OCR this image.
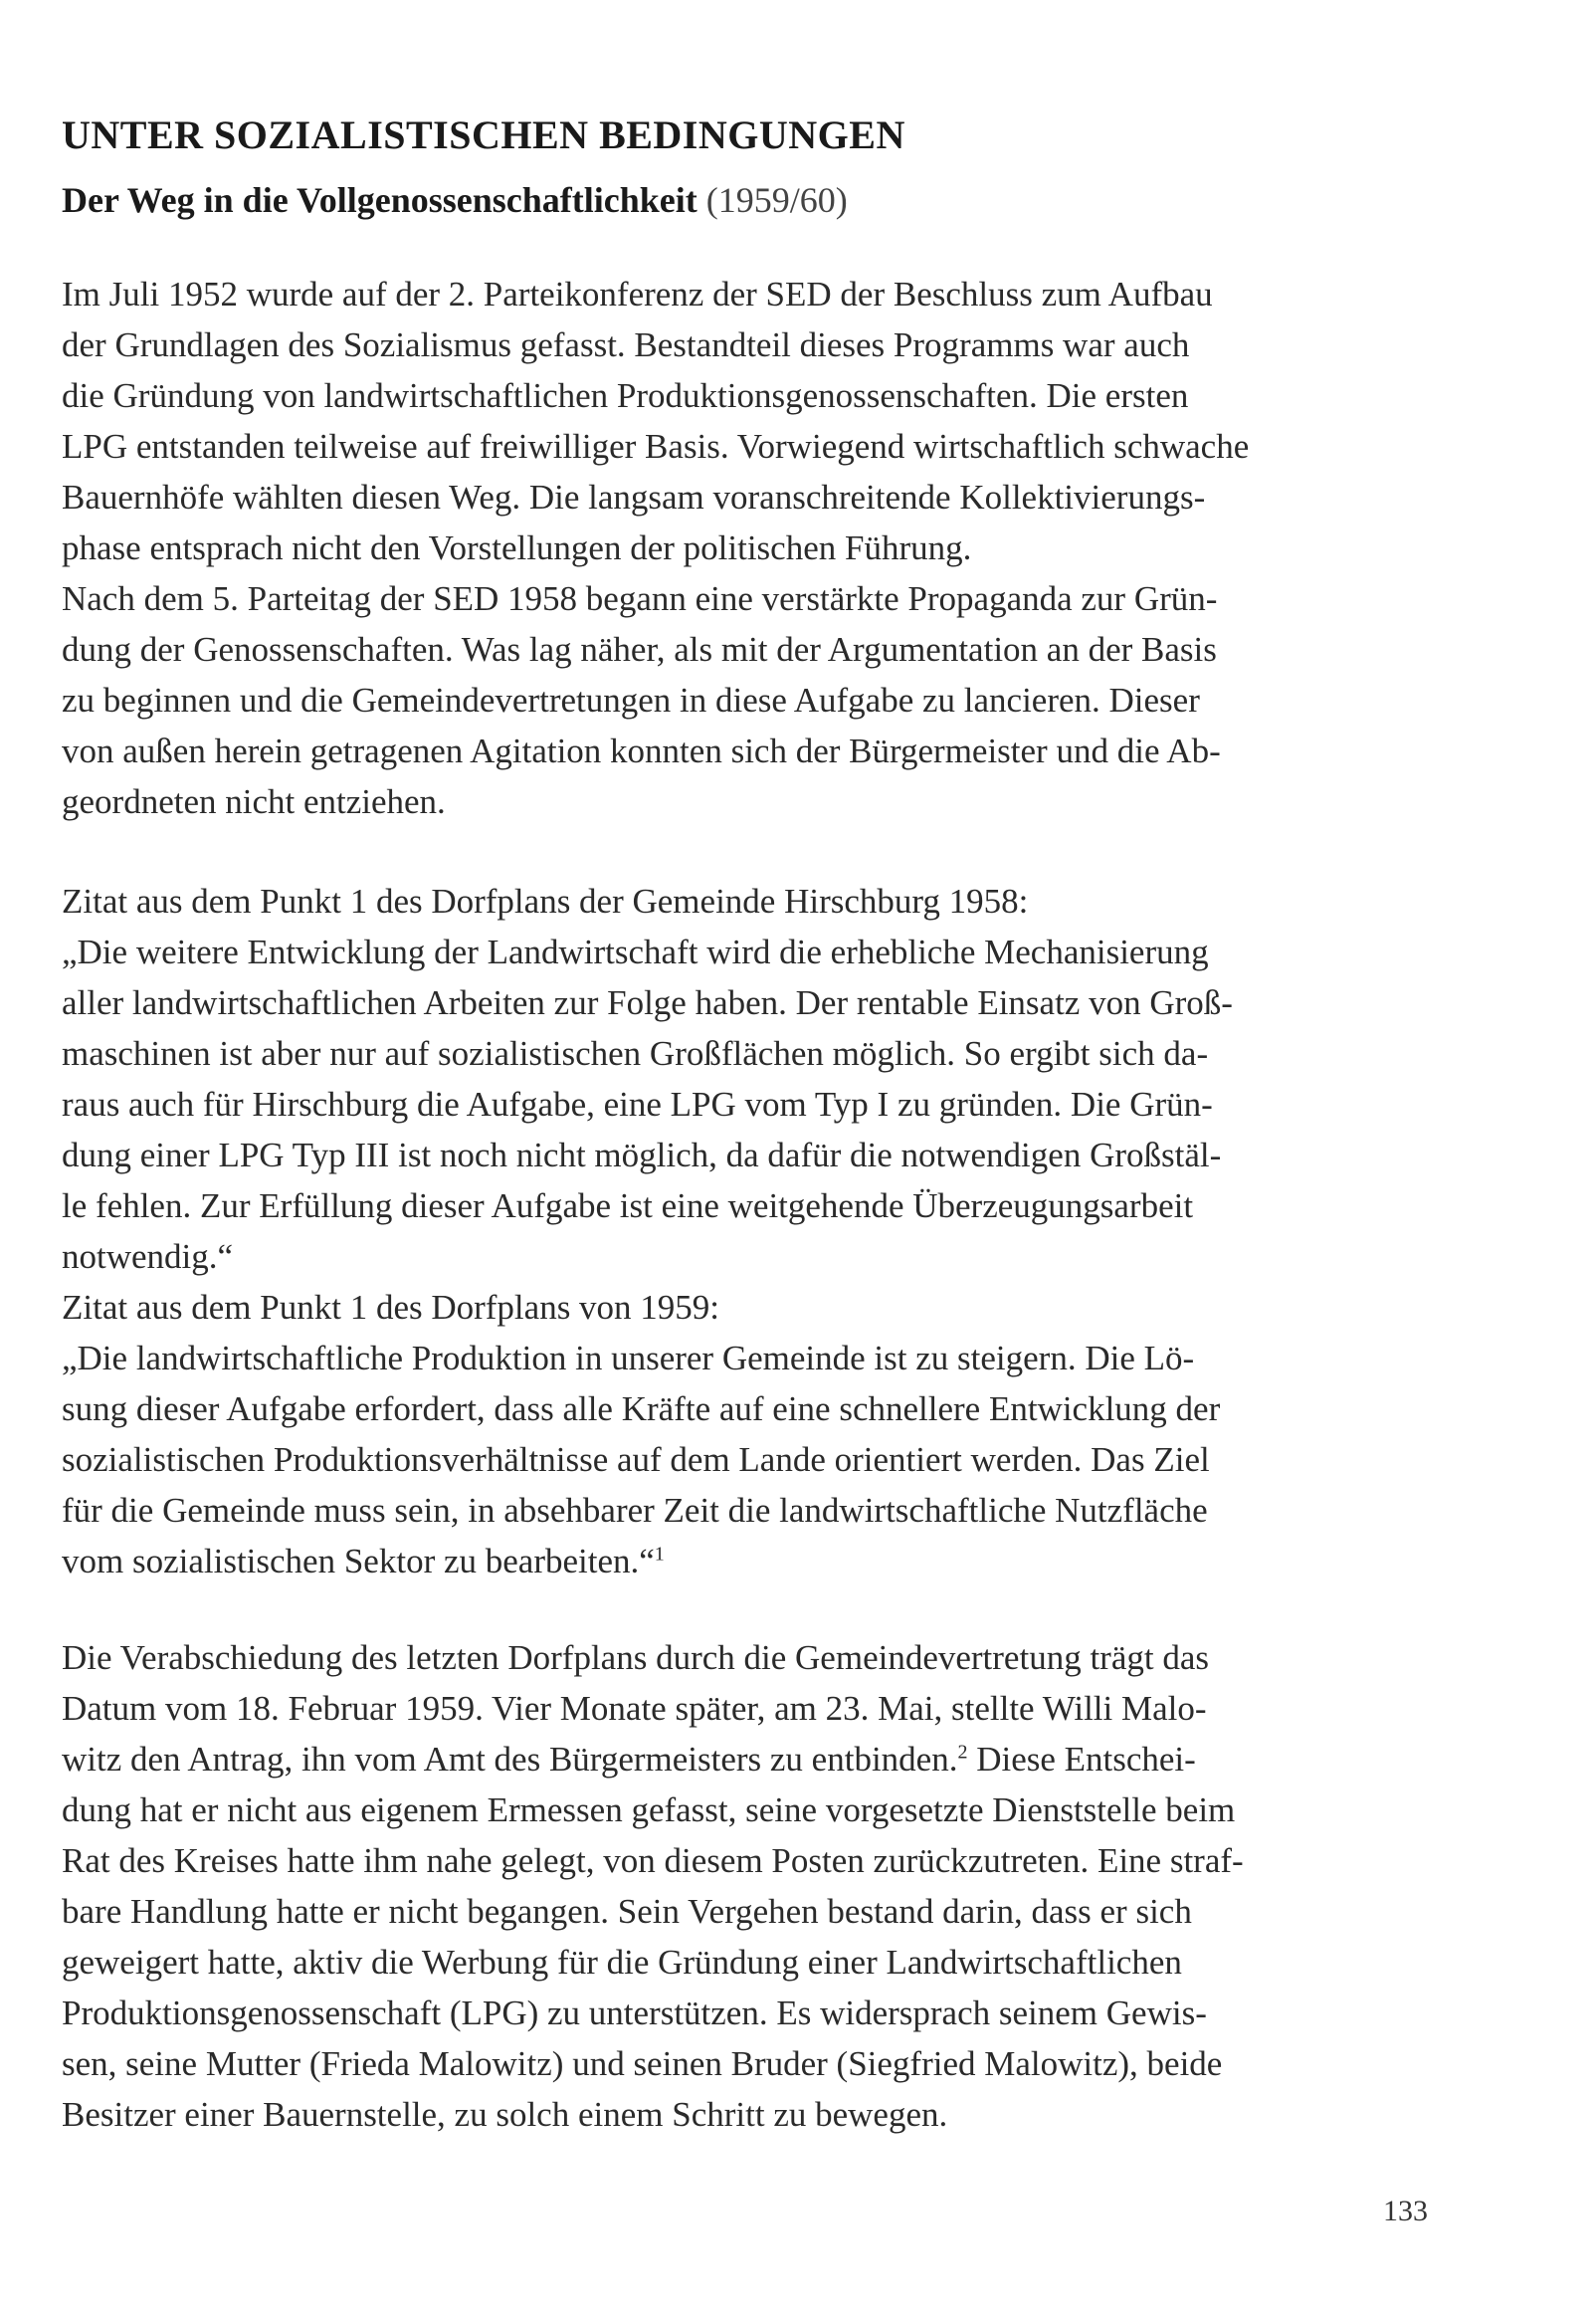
UNTER SOZIALISTISCHEN BEDINGUNGEN
Der Weg in die Vollgenossenschaftlichkeit (1959/60)
Im Juli 1952 wurde auf der 2. Parteikonferenz der SED der Beschluss zum Aufbau
der Grundlagen des Sozialismus gefasst. Bestandteil dieses Programms war auch
die Gründung von landwirtschaftlichen Produktionsgenossenschaften. Die ersten
LPG entstanden teilweise auf freiwilliger Basis. Vorwiegend wirtschaftlich schwache
Bauernhöfe wählten diesen Weg. Die langsam voranschreitende Kollektivierungs-
phase entsprach nicht den Vorstellungen der politischen Führung.
Nach dem 5. Parteitag der SED 1958 begann eine verstärkte Propaganda zur Grün-
dung der Genossenschaften. Was lag näher, als mit der Argumentation an der Basis
zu beginnen und die Gemeindevertretungen in diese Aufgabe zu lancieren. Dieser
von außen herein getragenen Agitation konnten sich der Bürgermeister und die Ab-
geordneten nicht entziehen.
Zitat aus dem Punkt 1 des Dorfplans der Gemeinde Hirschburg 1958:
„Die weitere Entwicklung der Landwirtschaft wird die erhebliche Mechanisierung
aller landwirtschaftlichen Arbeiten zur Folge haben. Der rentable Einsatz von Groß-
maschinen ist aber nur auf sozialistischen Großflächen möglich. So ergibt sich da-
raus auch für Hirschburg die Aufgabe, eine LPG vom Typ I zu gründen. Die Grün-
dung einer LPG Typ III ist noch nicht möglich, da dafür die notwendigen Großstäl-
le fehlen. Zur Erfüllung dieser Aufgabe ist eine weitgehende Überzeugungsarbeit
notwendig.“
Zitat aus dem Punkt 1 des Dorfplans von 1959:
„Die landwirtschaftliche Produktion in unserer Gemeinde ist zu steigern. Die Lö-
sung dieser Aufgabe erfordert, dass alle Kräfte auf eine schnellere Entwicklung der
sozialistischen Produktionsverhältnisse auf dem Lande orientiert werden. Das Ziel
für die Gemeinde muss sein, in absehbarer Zeit die landwirtschaftliche Nutzfläche
vom sozialistischen Sektor zu bearbeiten.“$^1$
Die Verabschiedung des letzten Dorfplans durch die Gemeindevertretung trägt das
Datum vom 18. Februar 1959. Vier Monate später, am 23. Mai, stellte Willi Malo-
witz den Antrag, ihn vom Amt des Bürgermeisters zu entbinden.$^2$ Diese Entschei-
dung hat er nicht aus eigenem Ermessen gefasst, seine vorgesetzte Dienststelle beim
Rat des Kreises hatte ihm nahe gelegt, von diesem Posten zurückzutreten. Eine straf-
bare Handlung hatte er nicht begangen. Sein Vergehen bestand darin, dass er sich
geweigert hatte, aktiv die Werbung für die Gründung einer Landwirtschaftlichen
Produktionsgenossenschaft (LPG) zu unterstützen. Es widersprach seinem Gewis-
sen, seine Mutter (Frieda Malowitz) und seinen Bruder (Siegfried Malowitz), beide
Besitzer einer Bauernstelle, zu solch einem Schritt zu bewegen.
133
